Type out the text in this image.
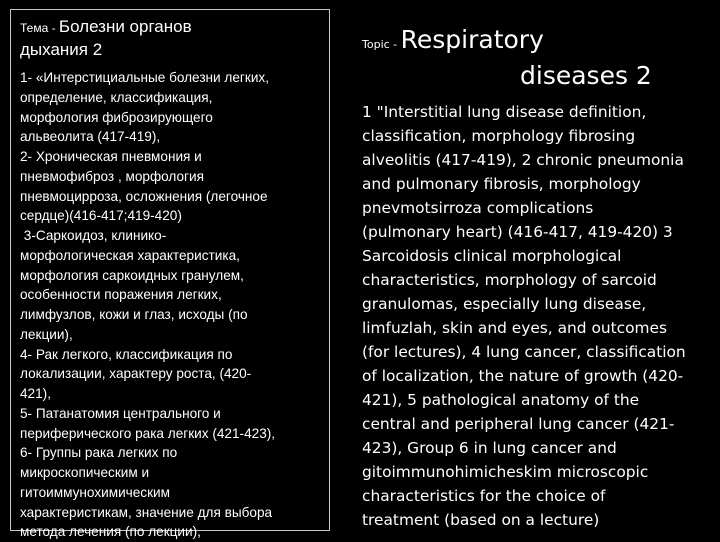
Тема - Болезни органов
дыхания 2

1- «Интерстициальные болезни легких,
определение, классификация,
морфология фиброзирующего
альвеолита (417-419),
2- Хроническая пневмония и
пневмофиброз , морфология
пневмоцирроза, осложнения (легочное
сердце)(416-417;419-420)
3-Саркоидоз, клинико-
морфологическая характеристика,
морфология саркоидных гранулем,
особенности поражения легких,
лимфузлов, кожи и глаз, исходы (по
лекции),
4- Рак легкого, классификация по
локализации, характеру роста, (420-
421),
5- Патанатомия центрального и
периферического рака легких (421-423),
6- Группы рака легких по
микроскопическим и
гитоиммунохимическим
характеристикам, значение для выбора
метода лечения (по лекции),

Topic - Respiratory
diseases 2

1 "Interstitial lung disease definition,
classification, morphology fibrosing
alveolitis (417-419), 2 chronic pneumonia
and pulmonary fibrosis, morphology
pnevmotsirroza complications
(pulmonary heart) (416-417, 419-420) 3
Sarcoidosis clinical morphological
characteristics, morphology of sarcoid
granulomas, especially lung disease,
limfuzlah, skin and eyes, and outcomes
(for lectures), 4 lung cancer, classification
of localization, the nature of growth (420-
421), 5 pathological anatomy of the
central and peripheral lung cancer (421-
423), Group 6 in lung cancer and
gitoimmunohimicheskim microscopic
characteristics for the choice of
treatment (based on a lecture)
